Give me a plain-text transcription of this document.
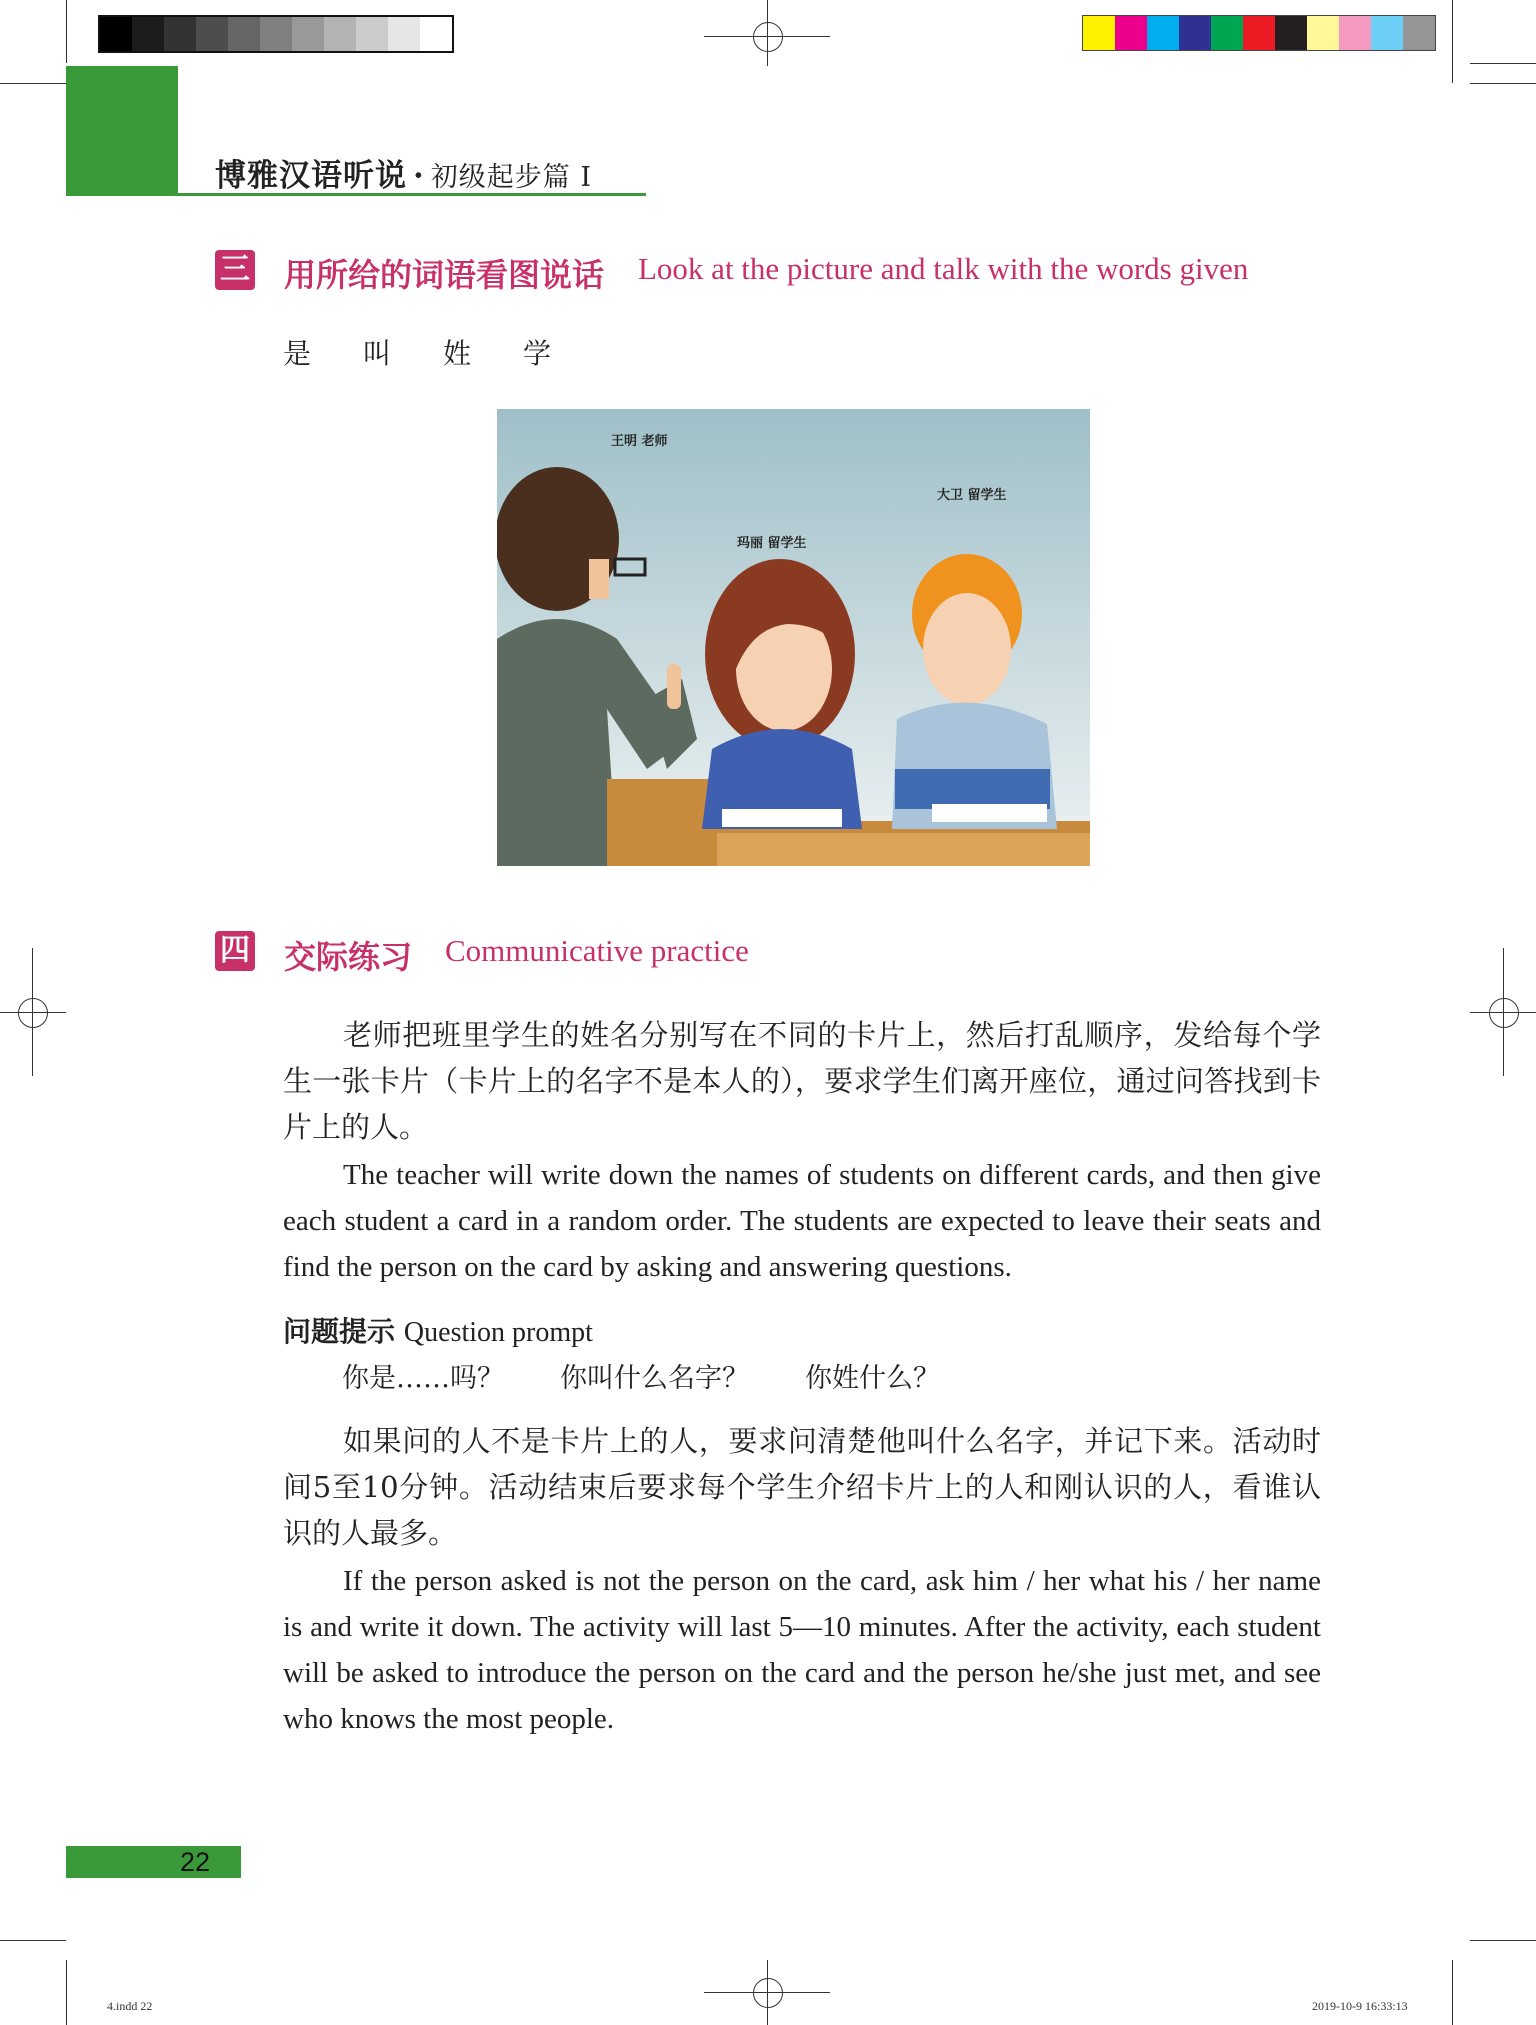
博雅汉语听说 · 初级起步篇 I
三 用所给的词语看图说话 Look at the picture and talk with the words given
是 叫 姓 学
王明 老师
玛丽 留学生
大卫 留学生
四 交际练习 Communicative practice
老师把班里学生的姓名分别写在不同的卡片上，然后打乱顺序，发给每个学生一张卡片（卡片上的名字不是本人的），要求学生们离开座位，通过问答找到卡片上的人。
The teacher will write down the names of students on different cards, and then give each student a card in a random order. The students are expected to leave their seats and find the person on the card by asking and answering questions.
问题提示 Question prompt
你是……吗？ 你叫什么名字？ 你姓什么？
如果问的人不是卡片上的人，要求问清楚他叫什么名字，并记下来。活动时间5至10分钟。活动结束后要求每个学生介绍卡片上的人和刚认识的人，看谁认识的人最多。
If the person asked is not the person on the card, ask him / her what his / her name is and write it down. The activity will last 5—10 minutes. After the activity, each student will be asked to introduce the person on the card and the person he/she just met, and see who knows the most people.
22
4.indd 22	2019-10-9 16:33:13
